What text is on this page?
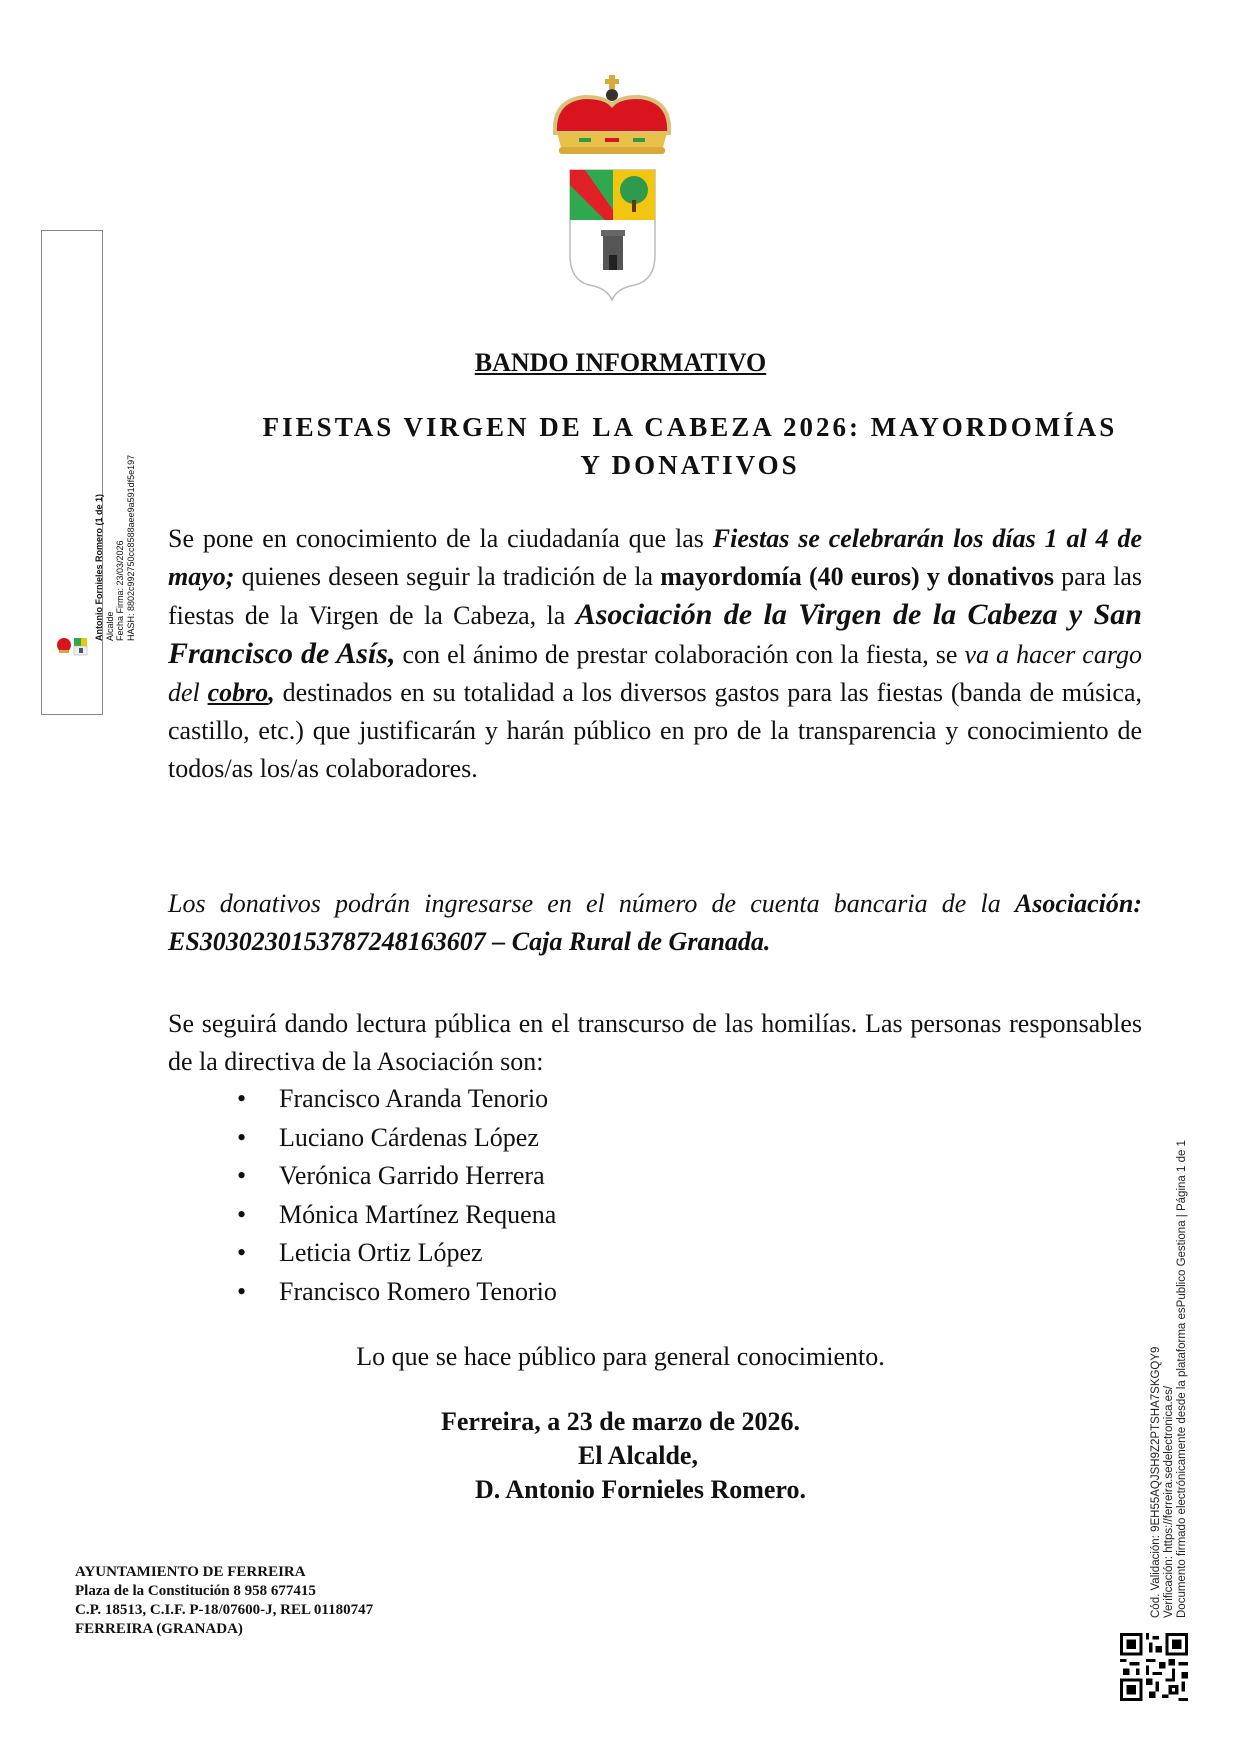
BANDO INFORMATIVO
FIESTAS VIRGEN DE LA CABEZA 2026: MAYORDOMÍAS
Y DONATIVOS
Se pone en conocimiento de la ciudadanía que las Fiestas se celebrarán los días 1 al 4 de mayo; quienes deseen seguir la tradición de la mayordomía (40 euros) y donativos para las fiestas de la Virgen de la Cabeza, la Asociación de la Virgen de la Cabeza y San Francisco de Asís, con el ánimo de prestar colaboración con la fiesta, se va a hacer cargo del cobro, destinados en su totalidad a los diversos gastos para las fiestas (banda de música, castillo, etc.) que justificarán y harán público en pro de la transparencia y conocimiento de todos/as los/as colaboradores.
Los donativos podrán ingresarse en el número de cuenta bancaria de la Asociación: ES3030230153787248163607 – Caja Rural de Granada.
Se seguirá dando lectura pública en el transcurso de las homilías. Las personas responsables de la directiva de la Asociación son:
• Francisco Aranda Tenorio
• Luciano Cárdenas López
• Verónica Garrido Herrera
• Mónica Martínez Requena
• Leticia Ortiz López
• Francisco Romero Tenorio
Lo que se hace público para general conocimiento.
Ferreira, a 23 de marzo de 2026.
El Alcalde,
D. Antonio Fornieles Romero.
AYUNTAMIENTO DE FERREIRA
Plaza de la Constitución 8 958 677415
C.P. 18513, C.I.F. P-18/07600-J, REL 01180747
FERREIRA (GRANADA)
Antonio Fornieles Romero (1 de 1) Alcalde Fecha Firma: 23/03/2026 HASH: 8802c992750cc8588aee9a591df5e197
Cód. Validación: 9EH55AQJSH9Z2PTSHA7SKGQY9 Verificación: https://ferreira.sedelectronica.es/ Documento firmado electrónicamente desde la plataforma esPublico Gestiona | Página 1 de 1
